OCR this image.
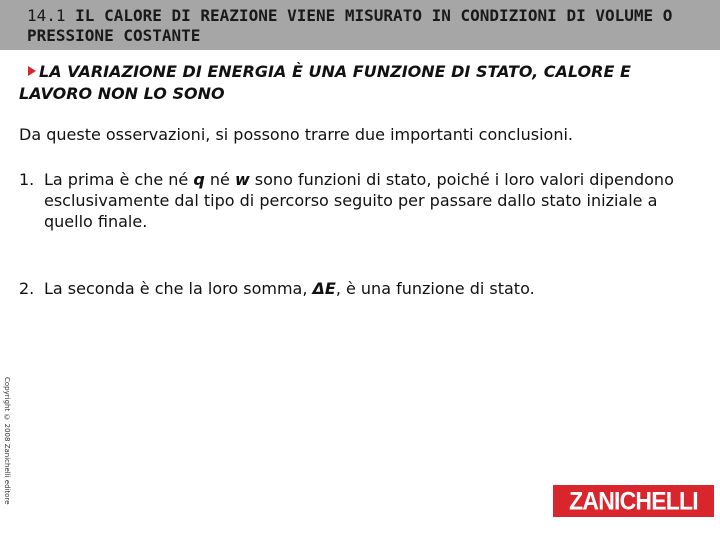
14.1 IL CALORE DI REAZIONE VIENE MISURATO IN CONDIZIONI DI VOLUME O PRESSIONE COSTANTE

LA VARIAZIONE DI ENERGIA È UNA FUNZIONE DI STATO, CALORE E LAVORO NON LO SONO

Da queste osservazioni, si possono trarre due importanti conclusioni.

1. La prima è che né q né w sono funzioni di stato, poiché i loro valori dipendono esclusivamente dal tipo di percorso seguito per passare dallo stato iniziale a quello finale.
2. La seconda è che la loro somma, ΔE, è una funzione di stato.
Copyright © 2008 Zanichelli editore	ZANICHELLI
